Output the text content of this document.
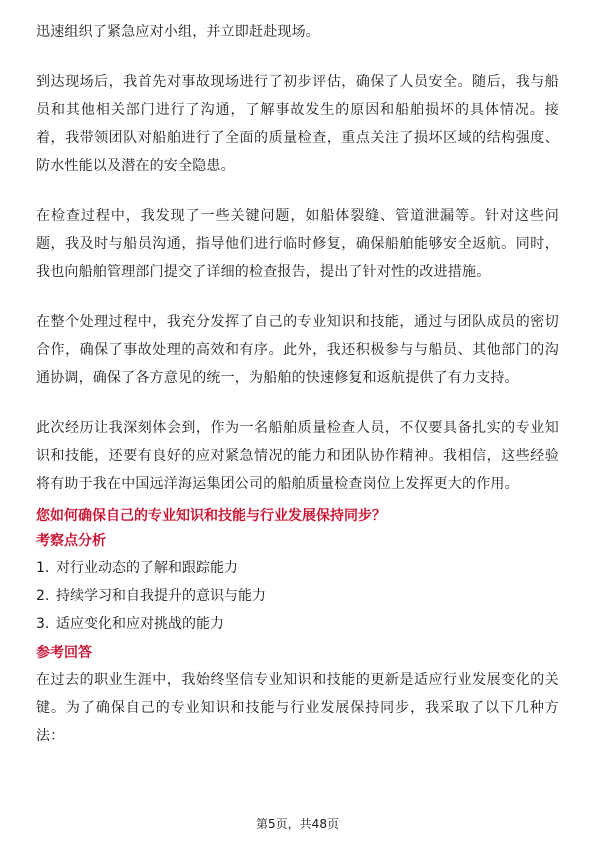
迅速组织了紧急应对小组，并立即赶赴现场。

到达现场后，我首先对事故现场进行了初步评估，确保了人员安全。随后，我与船员和其他相关部门进行了沟通，了解事故发生的原因和船舶损坏的具体情况。接着，我带领团队对船舶进行了全面的质量检查，重点关注了损坏区域的结构强度、防水性能以及潜在的安全隐患。

在检查过程中，我发现了一些关键问题，如船体裂缝、管道泄漏等。针对这些问题，我及时与船员沟通，指导他们进行临时修复，确保船舶能够安全返航。同时，我也向船舶管理部门提交了详细的检查报告，提出了针对性的改进措施。

在整个处理过程中，我充分发挥了自己的专业知识和技能，通过与团队成员的密切合作，确保了事故处理的高效和有序。此外，我还积极参与与船员、其他部门的沟通协调，确保了各方意见的统一，为船舶的快速修复和返航提供了有力支持。

此次经历让我深刻体会到，作为一名船舶质量检查人员，不仅要具备扎实的专业知识和技能，还要有良好的应对紧急情况的能力和团队协作精神。我相信，这些经验将有助于我在中国远洋海运集团公司的船舶质量检查岗位上发挥更大的作用。

您如何确保自己的专业知识和技能与行业发展保持同步？
考察点分析
1. 对行业动态的了解和跟踪能力
2. 持续学习和自我提升的意识与能力
3. 适应变化和应对挑战的能力
参考回答

在过去的职业生涯中，我始终坚信专业知识和技能的更新是适应行业发展变化的关键。为了确保自己的专业知识和技能与行业发展保持同步，我采取了以下几种方法：

第5页，共48页
